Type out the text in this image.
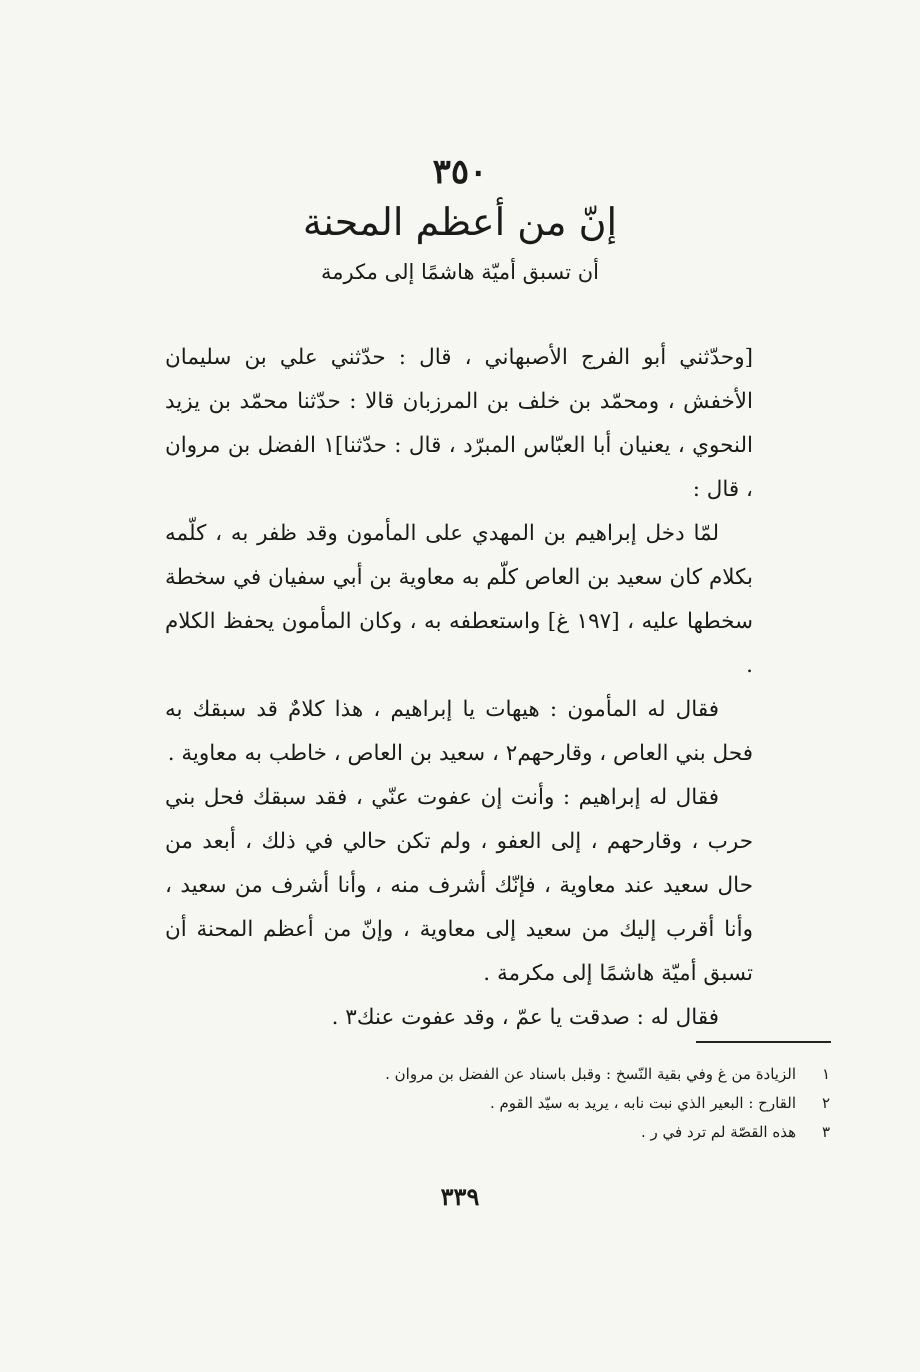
٣٥٠
إنّ من أعظم المحنة
أن تسبق أميّة هاشمًا إلى مكرمة

[وحدّثني أبو الفرج الأصبهاني ، قال : حدّثني علي بن سليمان الأخفش ، ومحمّد بن خلف بن المرزبان قالا : حدّثنا محمّد بن يزيد النحوي ، يعنيان أبا العبّاس المبرّد ، قال : حدّثنا]١ الفضل بن مروان ، قال :

لمّا دخل إبراهيم بن المهدي على المأمون وقد ظفر به ، كلّمه بكلام كان سعيد بن العاص كلّم به معاوية بن أبي سفيان في سخطة سخطها عليه ، [١٩٧ غ] واستعطفه به ، وكان المأمون يحفظ الكلام .

فقال له المأمون : هيهات يا إبراهيم ، هذا كلامٌ قد سبقك به فحل بني العاص ، وقارحهم٢ ، سعيد بن العاص ، خاطب به معاوية .

فقال له إبراهيم : وأنت إن عفوت عنّي ، فقد سبقك فحل بني حرب ، وقارحهم ، إلى العفو ، ولم تكن حالي في ذلك ، أبعد من حال سعيد عند معاوية ، فإنّك أشرف منه ، وأنا أشرف من سعيد ، وأنا أقرب إليك من سعيد إلى معاوية ، وإنّ من أعظم المحنة أن تسبق أميّة هاشمًا إلى مكرمة .

فقال له : صدقت يا عمّ ، وقد عفوت عنك٣ .

١
الزيادة من غ وفي بقية النّسخ : وقبل باسناد عن الفضل بن مروان .
٢
القارح : البعير الذي نبت نابه ، يريد به سيّد القوم .
٣
هذه القصّة لم ترد في ر .
٣٣٩
